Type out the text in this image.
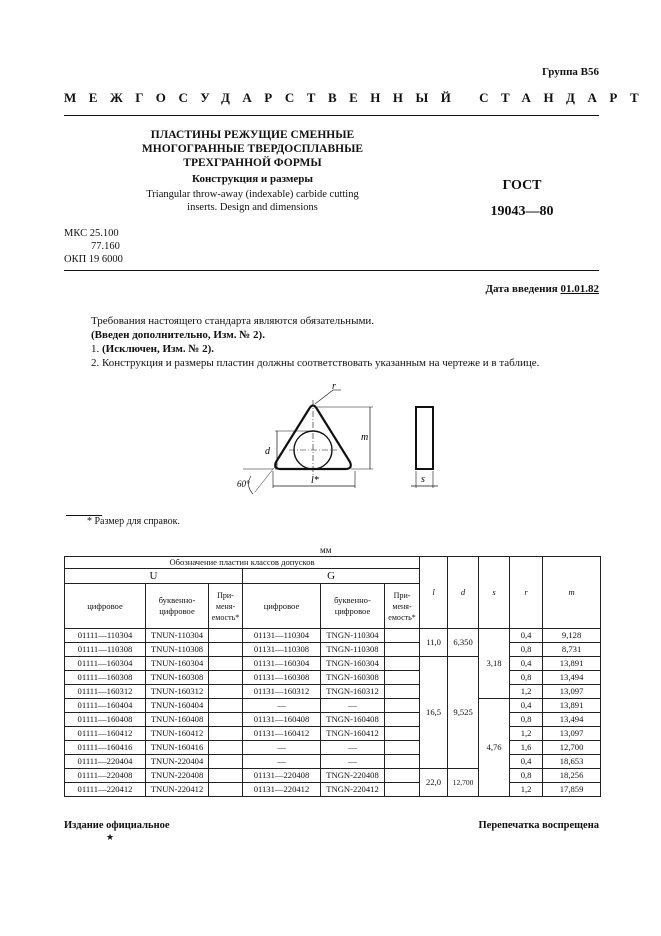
Группа В56
МЕЖГОСУДАРСТВЕННЫЙ СТАНДАРТ
ПЛАСТИНЫ РЕЖУЩИЕ СМЕННЫЕ
МНОГОГРАННЫЕ ТВЕРДОСПЛАВНЫЕ
ТРЕХГРАННОЙ ФОРМЫ
Конструкция и размеры
Triangular throw-away (indexable) carbide cutting
inserts. Design and dimensions
ГОСТ
19043—80
МКС 25.100
77.160
ОКП 19 6000
Дата введения 01.01.82
Требования настоящего стандарта являются обязательными.
(Введен дополнительно, Изм. № 2).
1. (Исключен, Изм. № 2).
2. Конструкция и размеры пластин должны соответствовать указанным на чертеже и в таблице.
d
m
r
l*
60°	s
* Размер для справок.
мм
Обозначение пластин классов допусков						l	d	s	r	m
U			G							
цифровое	буквенно-цифровое	При-меня-емость*	цифровое	буквенно-цифровое	При-меня-емость*					
01111—110304	TNUN-110304		01131—110304	TNGN-110304		11,0	6,350	3,18	0,4	9,128
01111—110308	TNUN-110308		01131—110308	TNGN-110308					0,8	8,731
01111—160304	TNUN-160304		01131—160304	TNGN-160304		16,5	9,525		0,4	13,891
01111—160308	TNUN-160308		01131—160308	TNGN-160308					0,8	13,494
01111—160312	TNUN-160312		01131—160312	TNGN-160312					1,2	13,097
01111—160404	TNUN-160404		—	—				4,76	0,4	13,891
01111—160408	TNUN-160408		01131—160408	TNGN-160408					0,8	13,494
01111—160412	TNUN-160412		01131—160412	TNGN-160412					1,2	13,097
01111—160416	TNUN-160416		—	—					1,6	12,700
01111—220404	TNUN-220404		—	—					0,4	18,653
01111—220408	TNUN-220408		01131—220408	TNGN-220408		22,0	12,700		0,8	18,256
01111—220412	TNUN-220412		01131—220412	TNGN-220412					1,2	17,859
Издание официальное	Перепечатка воспрещена
★
